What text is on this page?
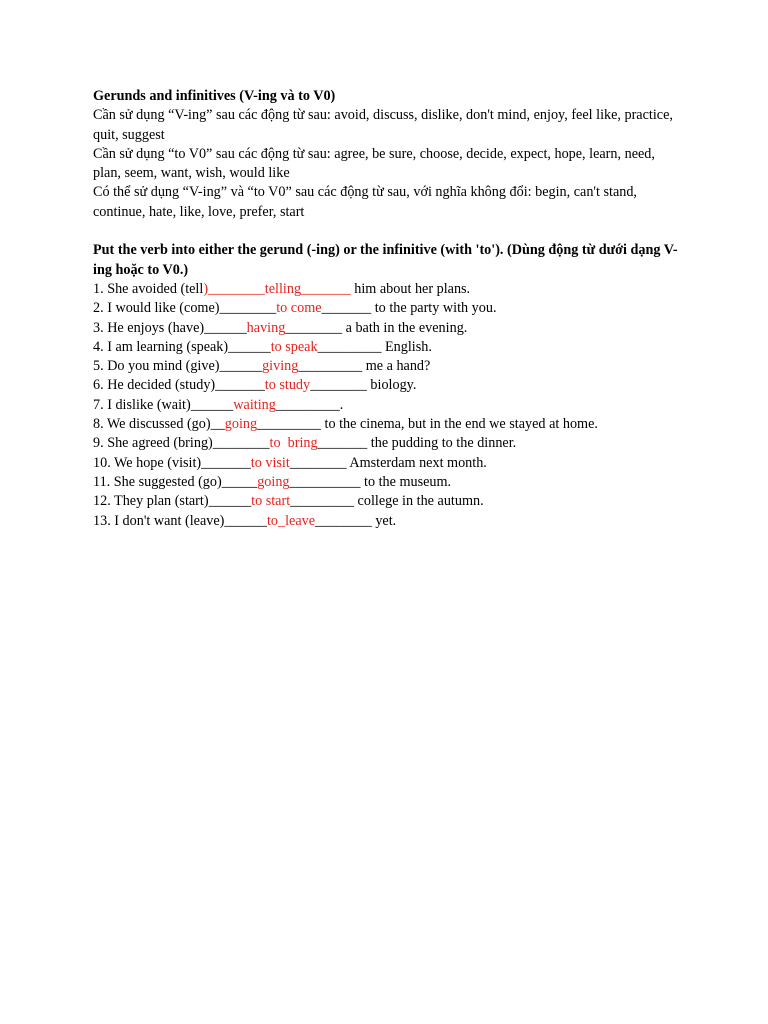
Gerunds and infinitives (V-ing và to V0)

Cần sử dụng “V-ing” sau các động từ sau: avoid, discuss, dislike, don't mind, enjoy, feel like, practice, quit, suggest

Cần sử dụng “to V0” sau các động từ sau: agree, be sure, choose, decide, expect, hope, learn, need, plan, seem, want, wish, would like

Có thể sử dụng “V-ing” và “to V0” sau các động từ sau, với nghĩa không đổi: begin, can't stand, continue, hate, like, love, prefer, start

Put the verb into either the gerund (-ing) or the infinitive (with 'to'). (Dùng động từ dưới dạng V-ing hoặc to V0.)
1. She avoided (tell)________telling_______ him about her plans.
2. I would like (come)________to come_______ to the party with you.
3. He enjoys (have)______having________ a bath in the evening.
4. I am learning (speak)______to speak_________ English.
5. Do you mind (give)______giving_________ me a hand?
6. He decided (study)_______to study________ biology.
7. I dislike (wait)______waiting_________.
8. We discussed (go)__going_________ to the cinema, but in the end we stayed at home.
9. She agreed (bring)________to  bring_______ the pudding to the dinner.
10. We hope (visit)_______to visit________ Amsterdam next month.
11. She suggested (go)_____going__________ to the museum.
12. They plan (start)______to start_________ college in the autumn.
13. I don't want (leave)______to_leave________ yet.
